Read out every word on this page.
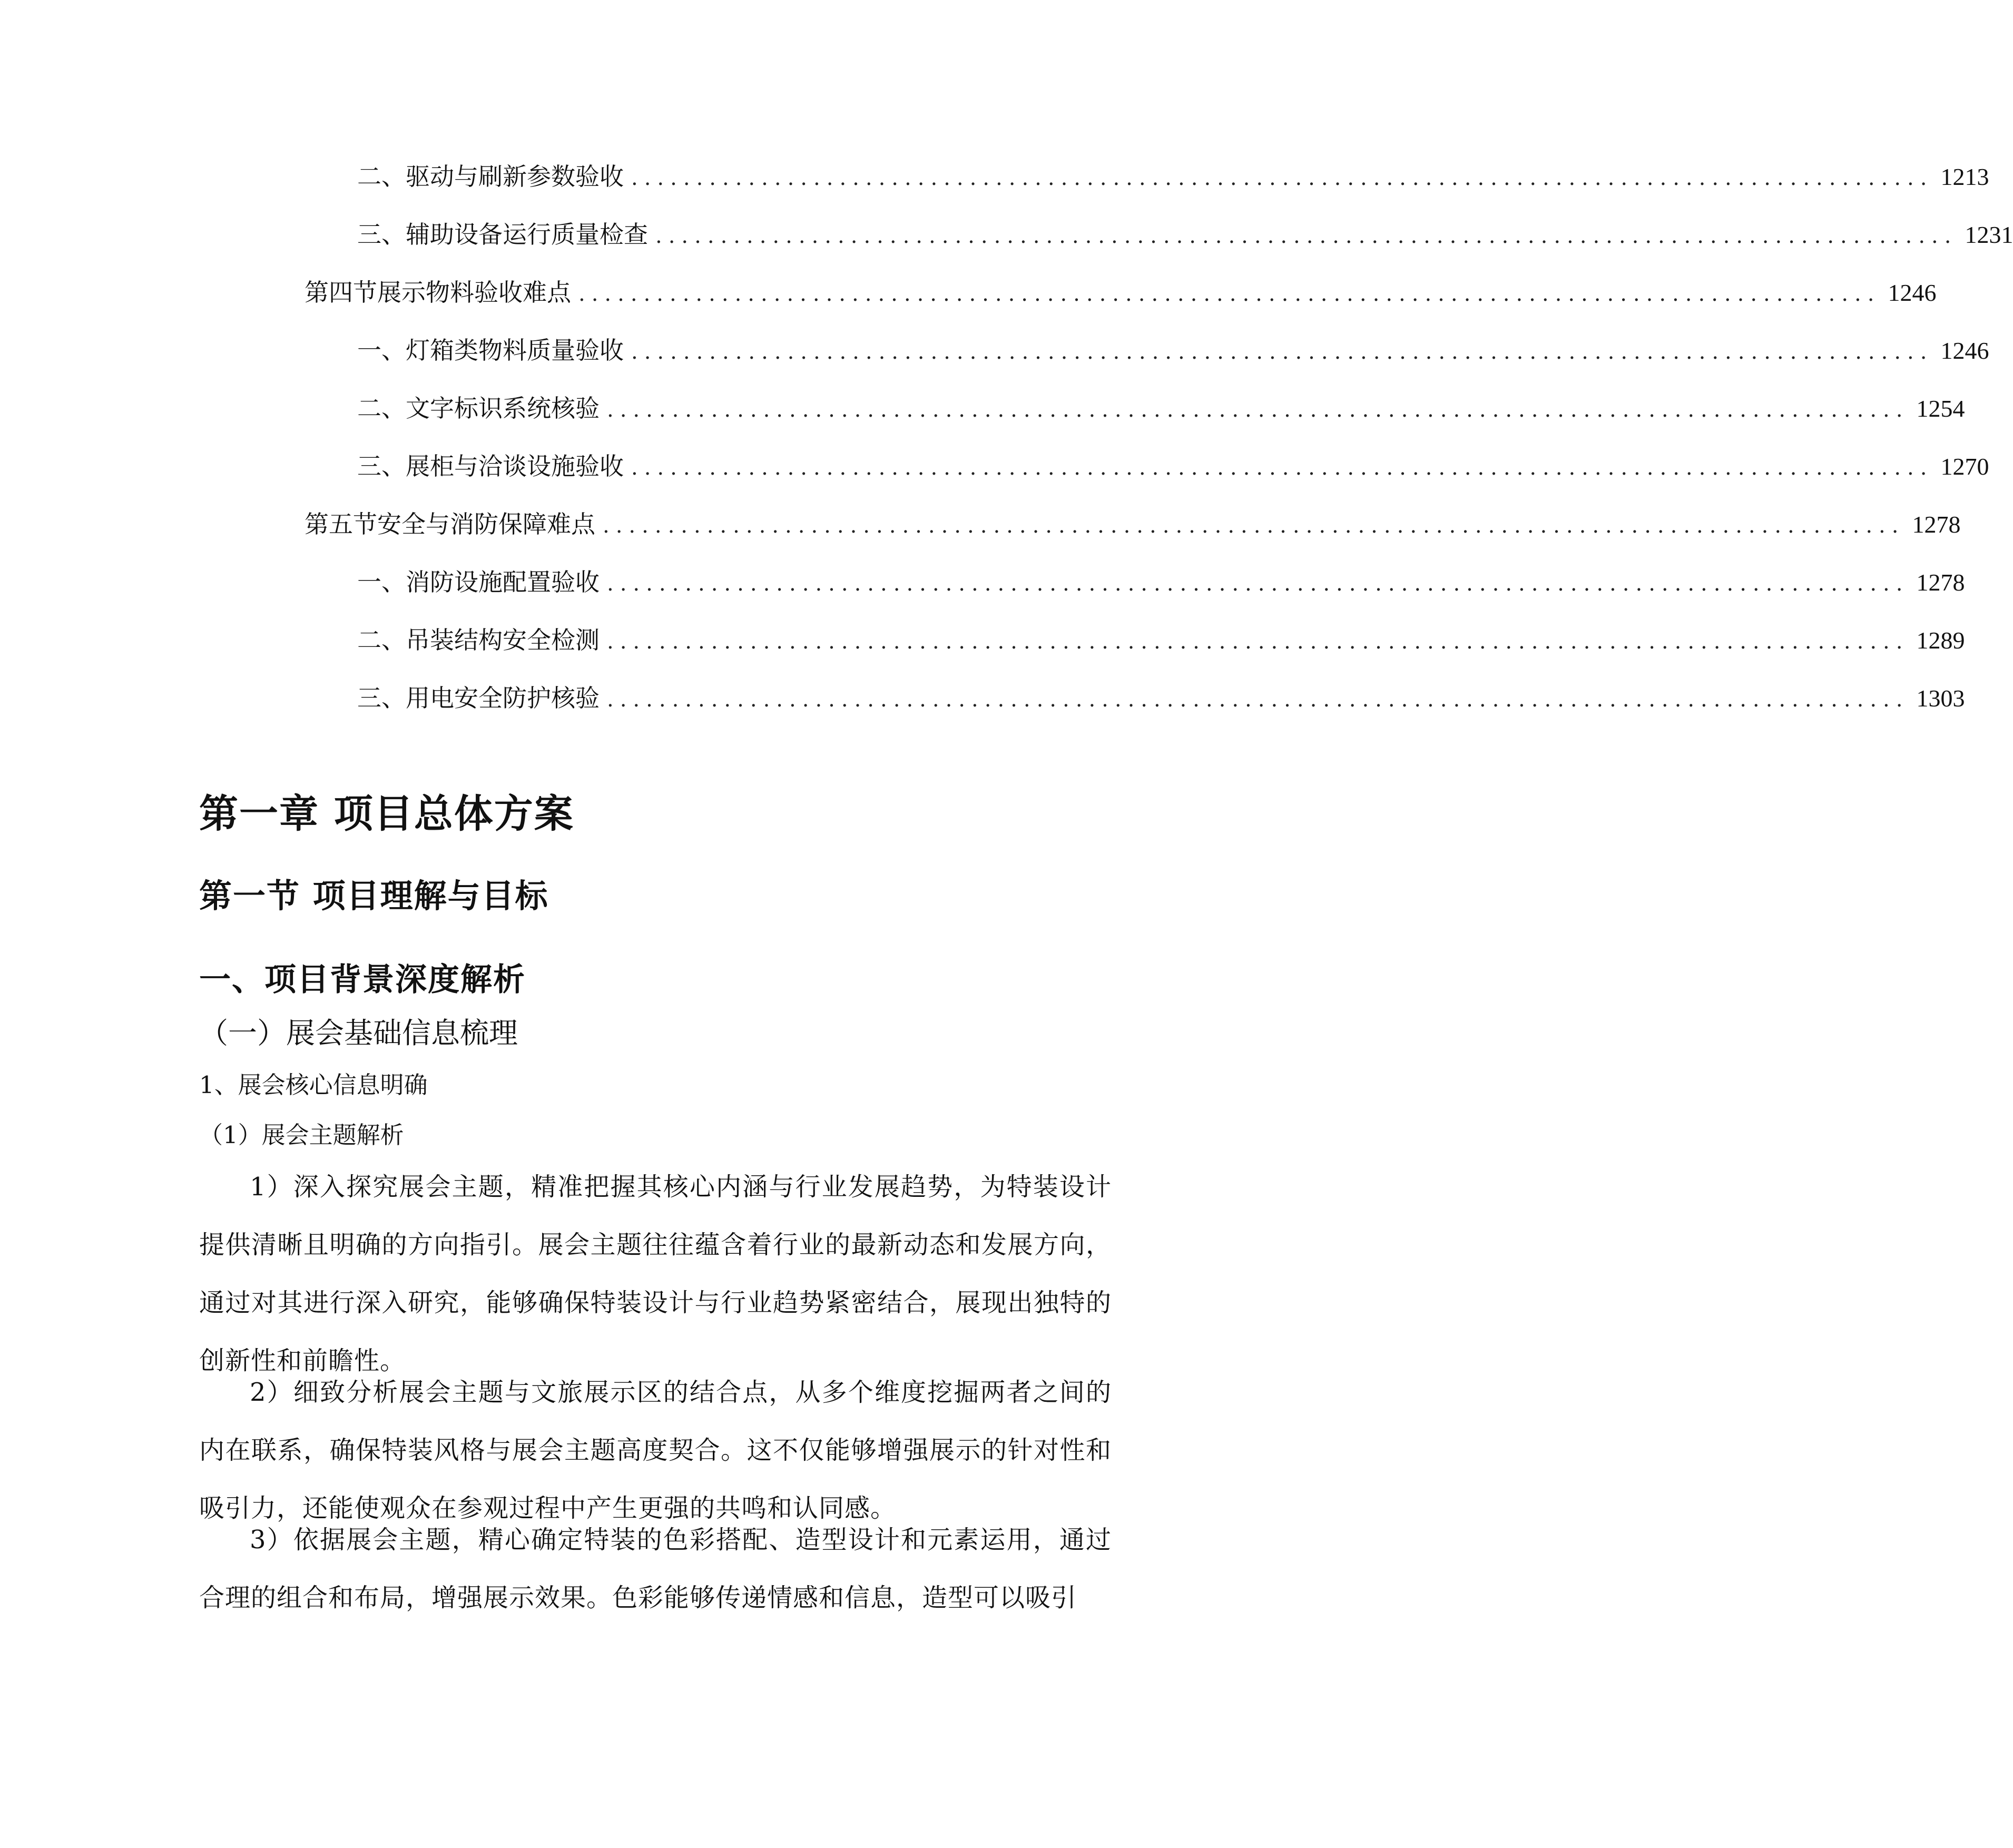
二、 驱动与刷新参数验收 .................................................................................................... 1213
三、 辅助设备运行质量检查 .................................................................................................... 1231
第四节 展示物料验收难点 .................................................................................................... 1246
一、 灯箱类物料质量验收 .................................................................................................... 1246
二、 文字标识系统核验 .................................................................................................... 1254
三、 展柜与洽谈设施验收 .................................................................................................... 1270
第五节 安全与消防保障难点 .................................................................................................... 1278
一、 消防设施配置验收 .................................................................................................... 1278
二、 吊装结构安全检测 .................................................................................................... 1289
三、 用电安全防护核验 .................................................................................................... 1303
第一章 项目总体方案
第一节 项目理解与目标
一、项目背景深度解析
（一）展会基础信息梳理
1、展会核心信息明确
（1）展会主题解析

1）深入探究展会主题，精准把握其核心内涵与行业发展趋势，为特装设计提供清晰且明确的方向指引。展会主题往往蕴含着行业的最新动态和发展方向，通过对其进行深入研究，能够确保特装设计与行业趋势紧密结合，展现出独特的创新性和前瞻性。

2）细致分析展会主题与文旅展示区的结合点，从多个维度挖掘两者之间的内在联系，确保特装风格与展会主题高度契合。这不仅能够增强展示的针对性和吸引力，还能使观众在参观过程中产生更强的共鸣和认同感。

3）依据展会主题，精心确定特装的色彩搭配、造型设计和元素运用，通过合理的组合和布局，增强展示效果。色彩能够传递情感和信息，造型可以吸引
